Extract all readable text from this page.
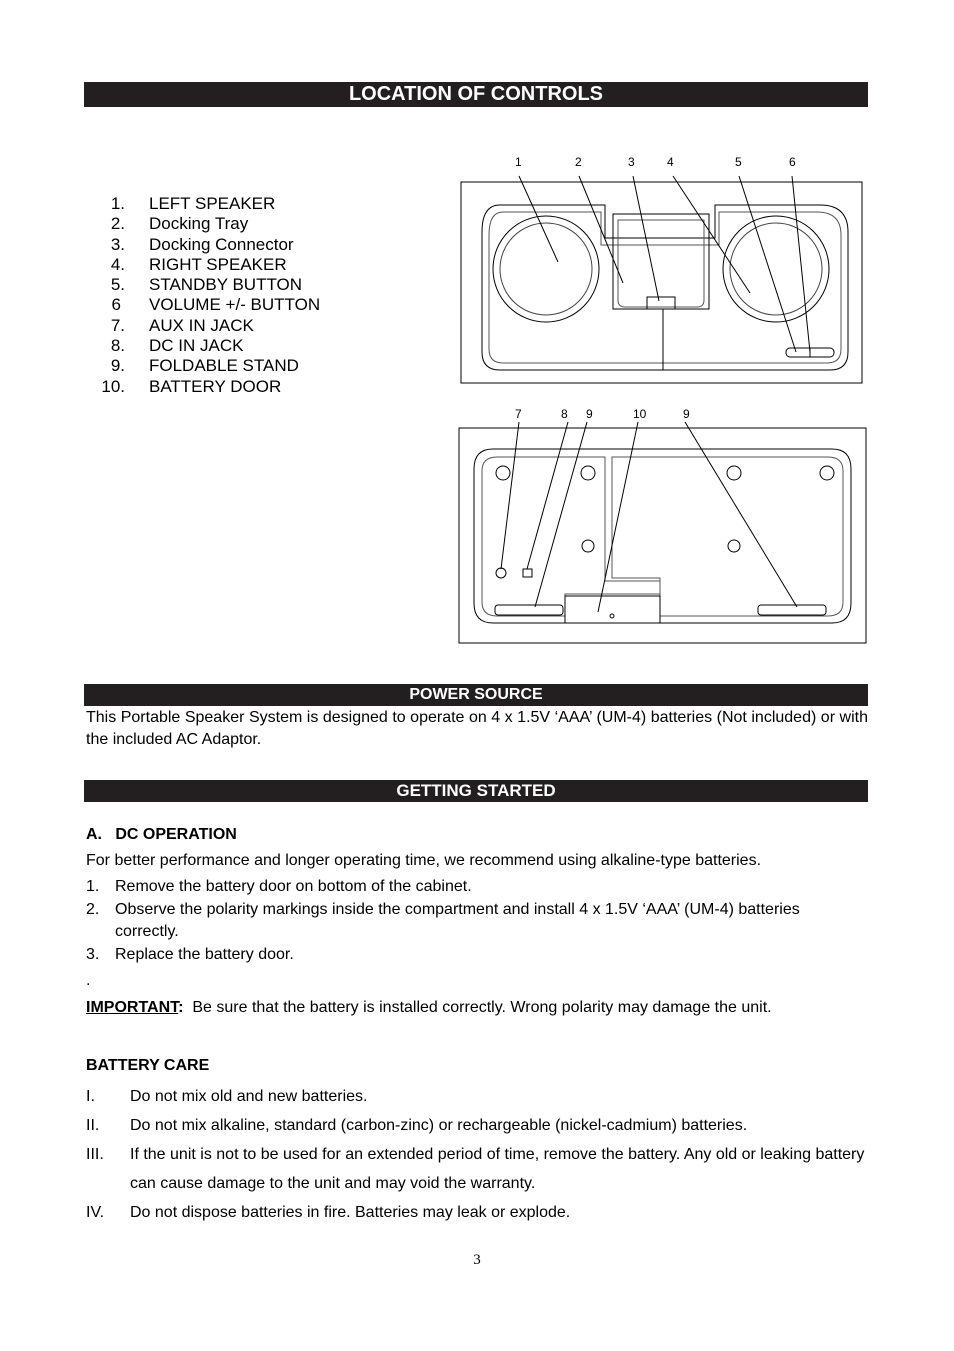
LOCATION OF CONTROLS
1.	LEFT SPEAKER
2.	Docking Tray
3.	Docking Connector
4.	RIGHT SPEAKER
5.	STANDBY BUTTON
6	VOLUME +/- BUTTON
7.	AUX IN JACK
8.	DC IN JACK
9.	FOLDABLE STAND
10.	BATTERY DOOR
1	2	3	4	5	6
7	8 9	10	9
POWER SOURCE
This Portable Speaker System is designed to operate on 4 x 1.5V ‘AAA’ (UM-4) batteries (Not included) or with the included AC Adaptor.
GETTING STARTED
A.   DC OPERATION
For better performance and longer operating time, we recommend using alkaline-type batteries.
1. Remove the battery door on bottom of the cabinet.
2. Observe the polarity markings inside the compartment and install 4 x 1.5V ‘AAA’ (UM-4) batteries correctly.
3. Replace the battery door.
.
IMPORTANT: Be sure that the battery is installed correctly. Wrong polarity may damage the unit.
BATTERY CARE
I.	Do not mix old and new batteries.
II.	Do not mix alkaline, standard (carbon-zinc) or rechargeable (nickel-cadmium) batteries.
III.	If the unit is not to be used for an extended period of time, remove the battery. Any old or leaking battery can cause damage to the unit and may void the warranty.
IV.	Do not dispose batteries in fire. Batteries may leak or explode.
3
